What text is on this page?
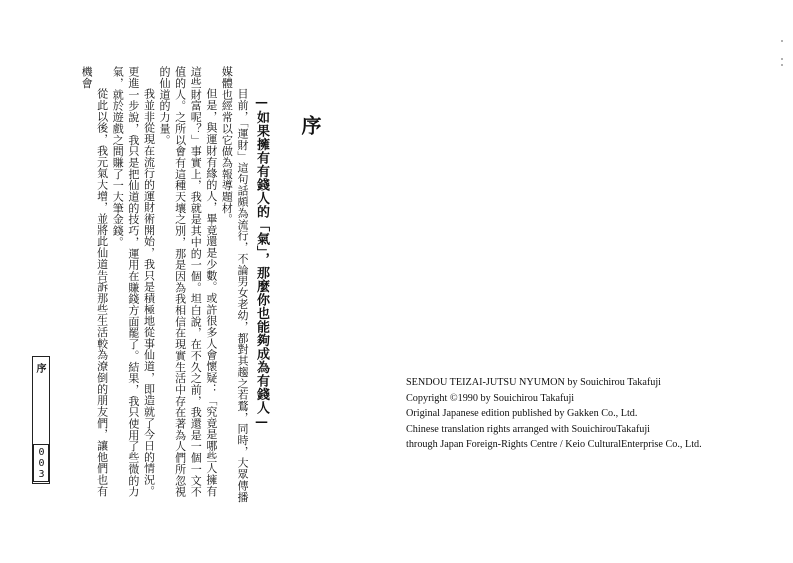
序
—如果擁有有錢人的「氣」，那麼你也能夠成為有錢人—

目前，「運財」這句話頗為流行，不論男女老幼，都對其趨之若鶩，同時，大眾傳播媒體也經常以它做為報導題材。

但是，與運財有緣的人，畢竟還是少數。或許很多人會懷疑：「究竟是哪些人擁有這些財富呢？」事實上，我就是其中的一個。坦白說，在不久之前，我還是一個一文不值的人。之所以會有這種天壤之別，那是因為我相信在現實生活中存在著為人們所忽視的仙道的力量。

我並非從現在流行的運財術開始，我只是積極地從事仙道，即造就了今日的情況。更進一步說，我只是把仙道的技巧，運用在賺錢方面罷了。結果，我只使用了些微的力氣，就於遊戲之間賺了一大筆金錢。

從此以後，我元氣大增，並將此仙道告訴那些生活較為潦倒的朋友們，讓他們也有機會

序
003
SENDOU TEIZAI-JUTSU NYUMON by Souichirou Takafuji
Copyright ©1990 by Souichirou Takafuji
Original Japanese edition published by Gakken Co., Ltd.
Chinese translation rights arranged with SouichirouTakafuji
through Japan Foreign-Rights Centre / Keio CulturalEnterprise Co., Ltd.
